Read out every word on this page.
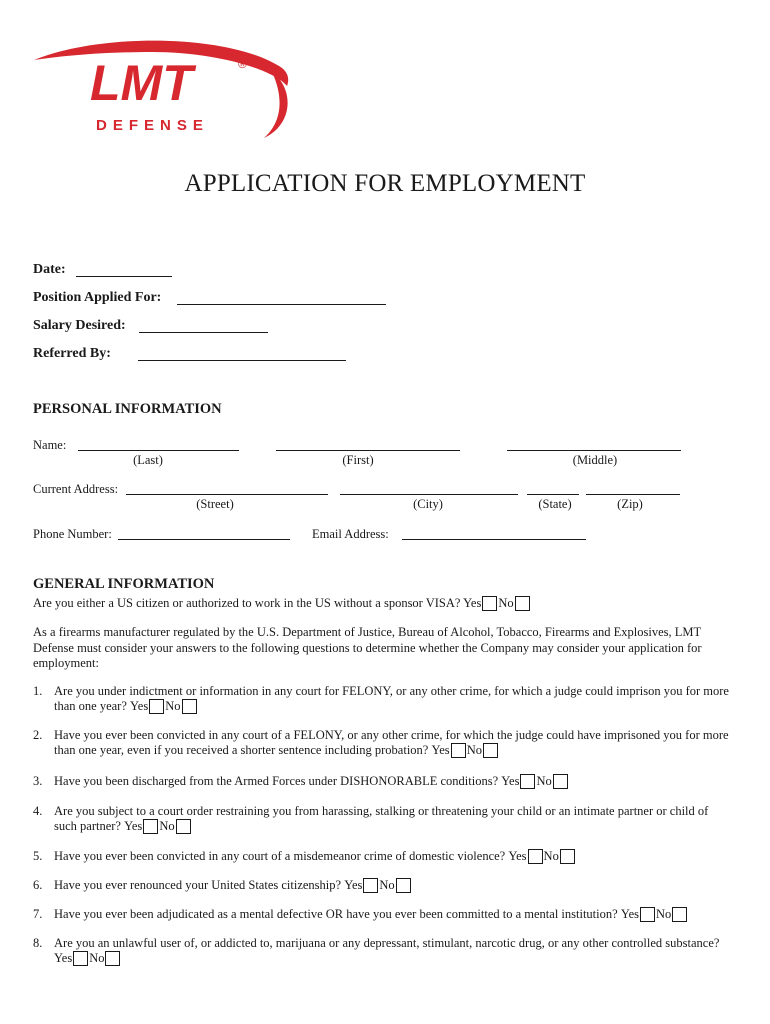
LMT	®
DEFENSE
APPLICATION FOR EMPLOYMENT
Date:
Position Applied For:
Salary Desired:
Referred By:
PERSONAL INFORMATION
Name:
(Last)	(First)	(Middle)
Current Address:
(Street)	(City)	(State)	(Zip)
Phone Number:	Email Address:
GENERAL INFORMATION
Are you either a US citizen or authorized to work in the US without a sponsor VISA? Yes No
As a firearms manufacturer regulated by the U.S. Department of Justice, Bureau of Alcohol, Tobacco, Firearms and Explosives, LMT Defense must consider your answers to the following questions to determine whether the Company may consider your application for employment:
1. Are you under indictment or information in any court for FELONY, or any other crime, for which a judge could imprison you for more than one year? Yes No
2. Have you ever been convicted in any court of a FELONY, or any other crime, for which the judge could have imprisoned you for more than one year, even if you received a shorter sentence including probation? Yes No
3. Have you been discharged from the Armed Forces under DISHONORABLE conditions? Yes No
4. Are you subject to a court order restraining you from harassing, stalking or threatening your child or an intimate partner or child of such partner? Yes No
5. Have you ever been convicted in any court of a misdemeanor crime of domestic violence? Yes No
6. Have you ever renounced your United States citizenship? Yes No
7. Have you ever been adjudicated as a mental defective OR have you ever been committed to a mental institution? Yes No
8. Are you an unlawful user of, or addicted to, marijuana or any depressant, stimulant, narcotic drug, or any other controlled substance?
Yes No
